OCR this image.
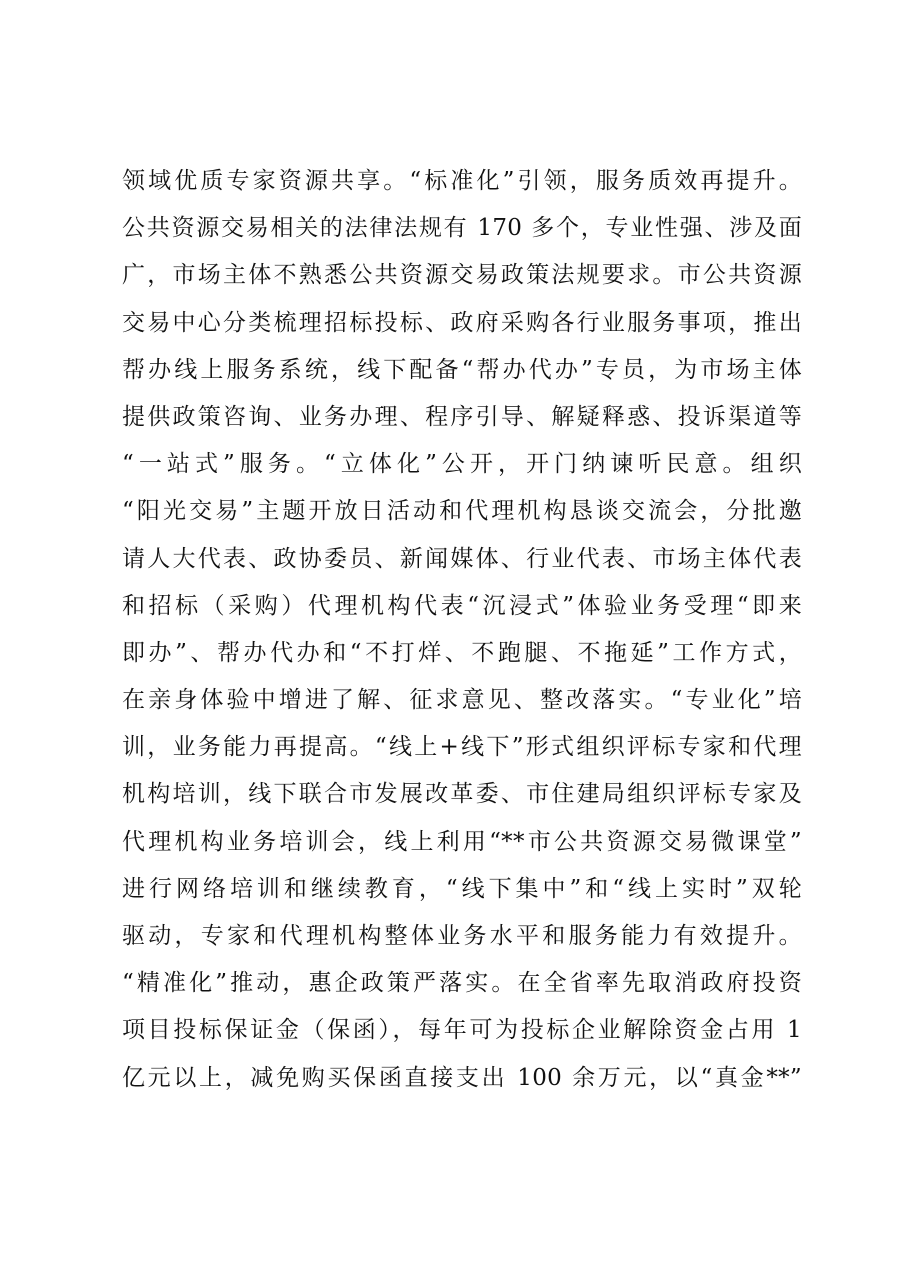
领域优质专家资源共享。“标准化”引领，服务质效再提升。
公共资源交易相关的法律法规有 170 多个，专业性强、涉及面
广，市场主体不熟悉公共资源交易政策法规要求。市公共资源
交易中心分类梳理招标投标、政府采购各行业服务事项，推出
帮办线上服务系统，线下配备“帮办代办”专员，为市场主体
提供政策咨询、业务办理、程序引导、解疑释惑、投诉渠道等
“一站式”服务。“立体化”公开，开门纳谏听民意。组织
“阳光交易”主题开放日活动和代理机构恳谈交流会，分批邀
请人大代表、政协委员、新闻媒体、行业代表、市场主体代表
和招标（采购）代理机构代表“沉浸式”体验业务受理“即来
即办”、帮办代办和“不打烊、不跑腿、不拖延”工作方式，
在亲身体验中增进了解、征求意见、整改落实。“专业化”培
训，业务能力再提高。“线上+线下”形式组织评标专家和代理
机构培训，线下联合市发展改革委、市住建局组织评标专家及
代理机构业务培训会，线上利用“**市公共资源交易微课堂”
进行网络培训和继续教育，“线下集中”和“线上实时”双轮
驱动，专家和代理机构整体业务水平和服务能力有效提升。
“精准化”推动，惠企政策严落实。在全省率先取消政府投资
项目投标保证金（保函），每年可为投标企业解除资金占用 1
亿元以上，减免购买保函直接支出 100 余万元，以“真金**”
